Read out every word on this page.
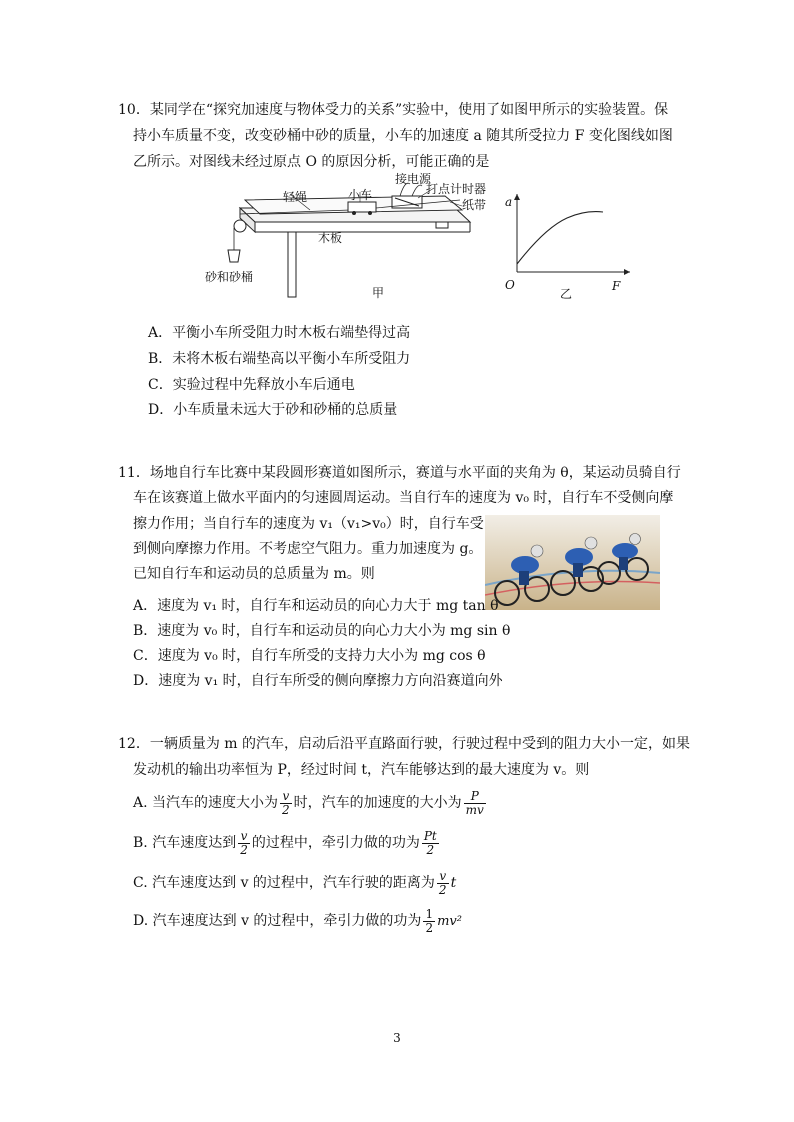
10．某同学在“探究加速度与物体受力的关系”实验中，使用了如图甲所示的实验装置。保
持小车质量不变，改变砂桶中砂的质量，小车的加速度 a 随其所受拉力 F 变化图线如图
乙所示。对图线未经过原点 O 的原因分析，可能正确的是
接电源
轻绳	小车	打点计时器
纸带
木板
砂和砂桶
甲
a
O
乙
F
A．平衡小车所受阻力时木板右端垫得过高
B．未将木板右端垫高以平衡小车所受阻力
C．实验过程中先释放小车后通电
D．小车质量未远大于砂和砂桶的总质量
11．场地自行车比赛中某段圆形赛道如图所示，赛道与水平面的夹角为 θ，某运动员骑自行
车在该赛道上做水平面内的匀速圆周运动。当自行车的速度为 v₀ 时，自行车不受侧向摩
擦力作用；当自行车的速度为 v₁（v₁>v₀）时，自行车受
到侧向摩擦力作用。不考虑空气阻力。重力加速度为 g。
已知自行车和运动员的总质量为 m。则
A．速度为 v₁ 时，自行车和运动员的向心力大于 mg tan θ
B．速度为 v₀ 时，自行车和运动员的向心力大小为 mg sin θ
C．速度为 v₀ 时，自行车所受的支持力大小为 mg cos θ
D．速度为 v₁ 时，自行车所受的侧向摩擦力方向沿赛道向外
12．一辆质量为 m 的汽车，启动后沿平直路面行驶，行驶过程中受到的阻力大小一定，如果
发动机的输出功率恒为 P，经过时间 t，汽车能够达到的最大速度为 v。则
A. 当汽车的速度大小为 $\frac{v}{2}$ 时，汽车的加速度的大小为 $\frac{P}{mv}$
B. 汽车速度达到 $\frac{v}{2}$ 的过程中，牵引力做的功为 $\frac{Pt}{2}$
C. 汽车速度达到 v 的过程中，汽车行驶的距离为 $\frac{v}{2}$ t
D. 汽车速度达到 v 的过程中，牵引力做的功为 $\frac{1}{2} mv^2$
3
